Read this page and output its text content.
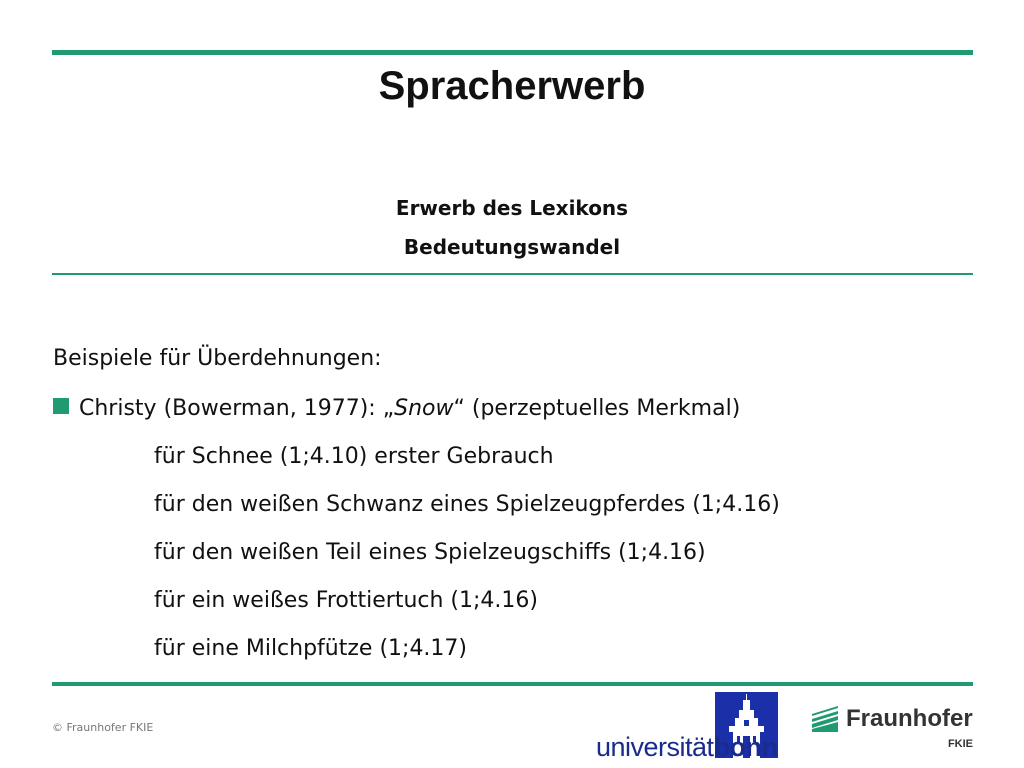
Spracherwerb
Erwerb des Lexikons
Bedeutungswandel
Beispiele für Überdehnungen:
Christy (Bowerman, 1977): „Snow“ (perzeptuelles Merkmal)
für Schnee (1;4.10) erster Gebrauch
für den weißen Schwanz eines Spielzeugpferdes (1;4.16)
für den weißen Teil eines Spielzeugschiffs (1;4.16)
für ein weißes Frottiertuch (1;4.16)
für eine Milchpfütze (1;4.17)
© Fraunhofer FKIE
universitätbonn
Fraunhofer
FKIE
